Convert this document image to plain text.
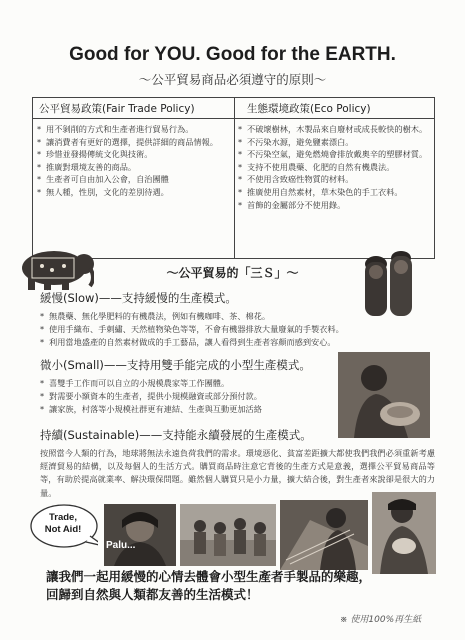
Good for YOU. Good for the EARTH.
～公平貿易商品必須遵守的原則～
公平貿易政策(Fair Trade Policy)	生態環境政策(Eco Policy)
* 用不剝削的方式和生產者進行貿易行為。
* 讓消費者有更好的選擇，提供詳細的商品情報。
* 珍惜並發揚傳統文化與技術。
* 推廣對環境友善的商品。
* 生產者可自由加入公會，自治團體
* 無人種，性別，文化的差別待遇。
* 不破壞樹林，木製品來自廢材或成長較快的樹木。
* 不污染水源，避免鹽素漂白。
* 不污染空氣，避免燃燒會排放戴奧辛的塑膠材質。
* 支持不使用農藥、化肥的自然有機農法。
* 不使用含致癌性物質的材料。
* 推廣使用自然素材，草木染色的手工衣料。
* 首飾的金屬部分不使用錄。
～公平貿易的「三Ｓ」～
緩慢(Slow)——支持緩慢的生產模式。
* 無農藥、無化學肥料的有機農法，例如有機咖啡、茶、棉花。
* 使用手織布、手刺繡、天然植物染色等等，不會有機器排放大量廢氣的手製衣料。
* 利用當地盛產的自然素材做成的手工藝品，讓人看得到生產者容顏而感到安心。
微小(Small)——支持用雙手能完成的小型生產模式。
* 喜雙手工作而可以自立的小規模農家等工作團體。
* 對需要小額資本的生產者，提供小規模融資或部分預付款。
* 讓家族，村落等小規模社群更有連結、生產與互動更加活絡
持續(Sustainable)——支持能永續發展的生產模式。
按照當今人類的行為，地球將無法永遠負荷我們的需求。環境惡化、貧富差距擴大都使我們我們必須重新考慮經濟貿易的結構，以及每個人的生活方式。購買商品時注意它背後的生產方式是意義，選擇公平貿易商品等等，有助於提高就業率、解決環保問題。雖然個人購買只是小力量，擴大結合後，對生產者來說卻是很大的力量。
Trade,
Not Aid!
Palu...
讓我們一起用緩慢的心情去體會小型生產者手製品的樂趣，
回歸到自然與人類都友善的生活模式！
※ 使用100%再生紙
